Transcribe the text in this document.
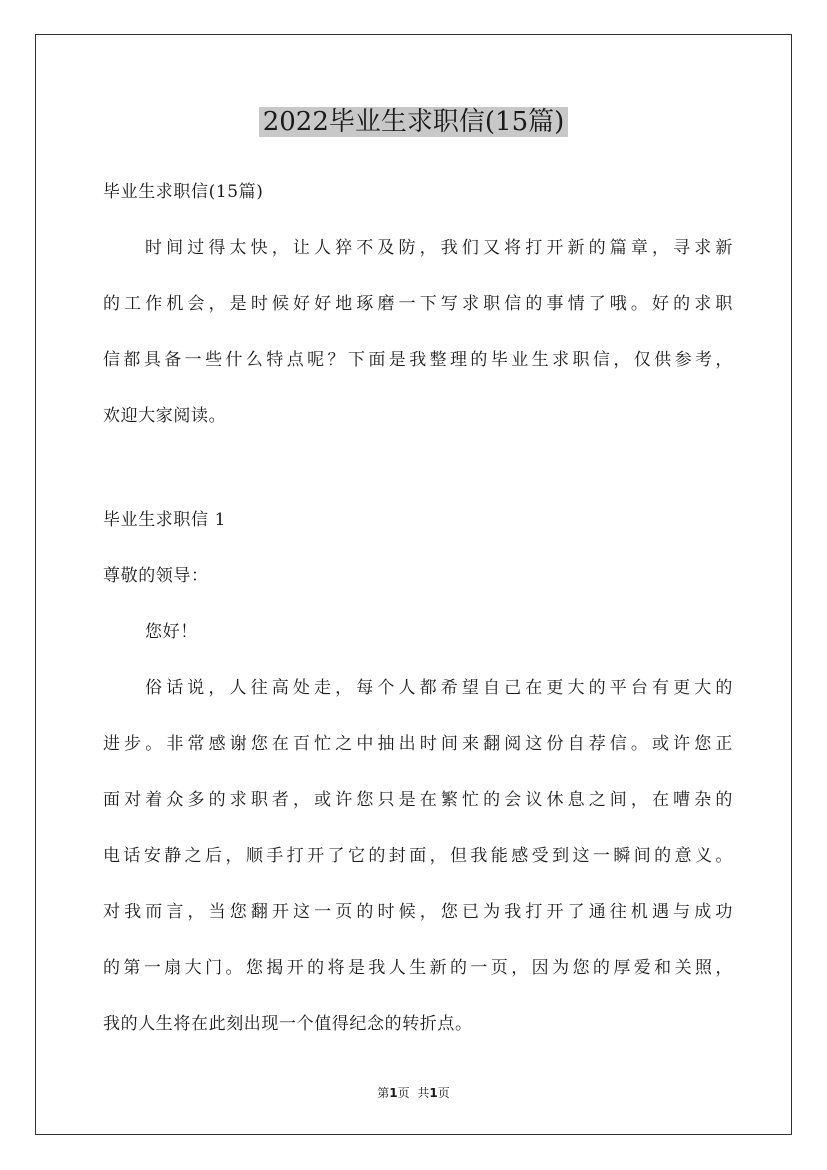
2022毕业生求职信(15篇)
毕业生求职信(15篇)
时间过得太快，让人猝不及防，我们又将打开新的篇章，寻求新
的工作机会，是时候好好地琢磨一下写求职信的事情了哦。好的求职
信都具备一些什么特点呢？下面是我整理的毕业生求职信，仅供参考，
欢迎大家阅读。
毕业生求职信 1
尊敬的领导：
您好！
俗话说，人往高处走，每个人都希望自己在更大的平台有更大的
进步。非常感谢您在百忙之中抽出时间来翻阅这份自荐信。或许您正
面对着众多的求职者，或许您只是在繁忙的会议休息之间，在嘈杂的
电话安静之后，顺手打开了它的封面，但我能感受到这一瞬间的意义。
对我而言，当您翻开这一页的时候，您已为我打开了通往机遇与成功
的第一扇大门。您揭开的将是我人生新的一页，因为您的厚爱和关照，
我的人生将在此刻出现一个值得纪念的转折点。
第1页 共1页
